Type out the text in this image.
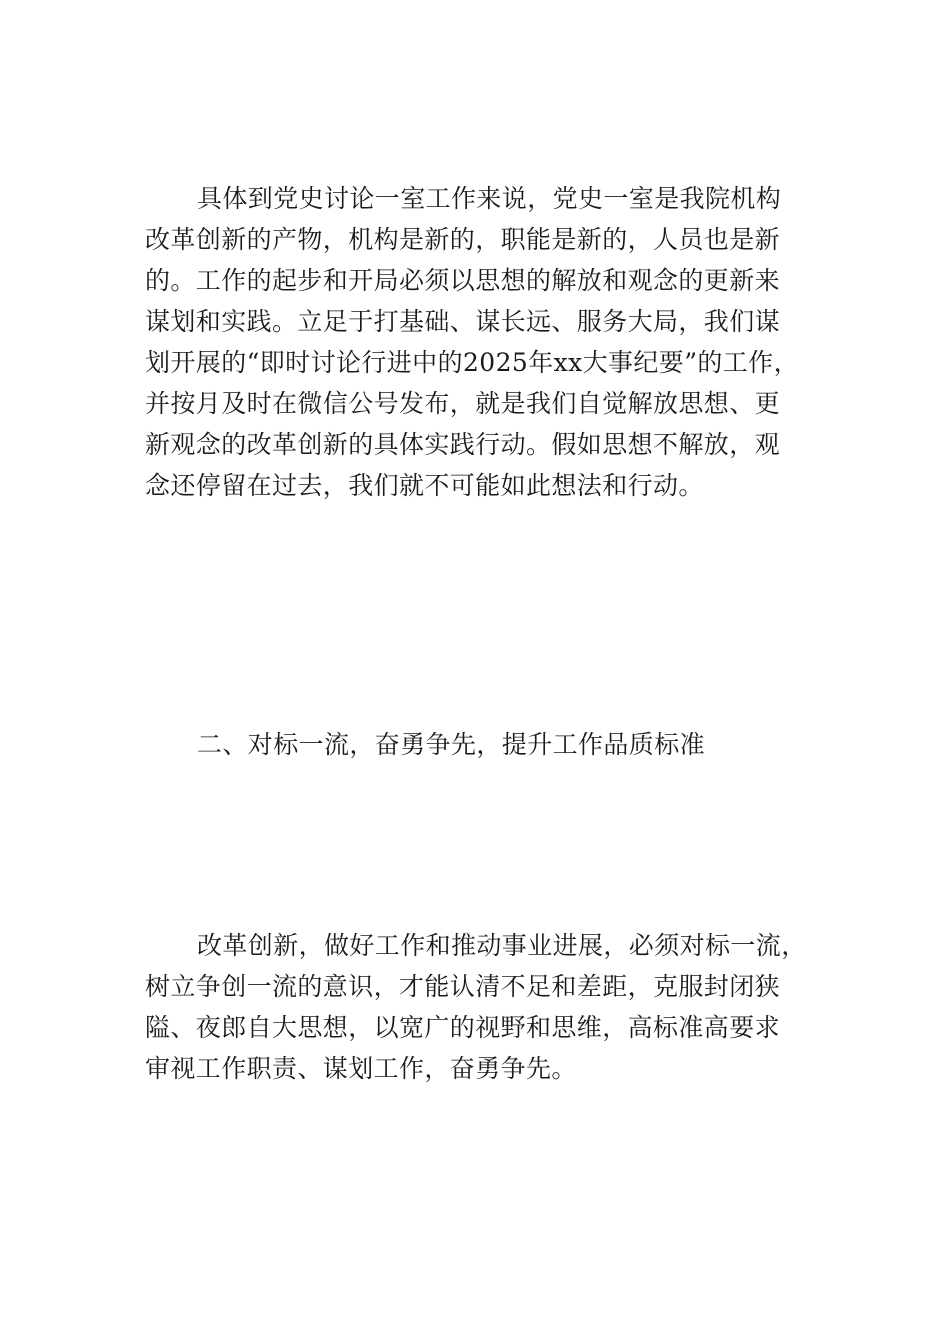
具体到党史讨论一室工作来说，党史一室是我院机构
改革创新的产物，机构是新的，职能是新的，人员也是新
的。工作的起步和开局必须以思想的解放和观念的更新来
谋划和实践。立足于打基础、谋长远、服务大局，我们谋
划开展的“即时讨论行进中的2025年xx大事纪要”的工作，
并按月及时在微信公号发布，就是我们自觉解放思想、更
新观念的改革创新的具体实践行动。假如思想不解放，观
念还停留在过去，我们就不可能如此想法和行动。
二、对标一流，奋勇争先，提升工作品质标准
改革创新，做好工作和推动事业进展，必须对标一流，
树立争创一流的意识，才能认清不足和差距，克服封闭狭
隘、夜郎自大思想，以宽广的视野和思维，高标准高要求
审视工作职责、谋划工作，奋勇争先。
